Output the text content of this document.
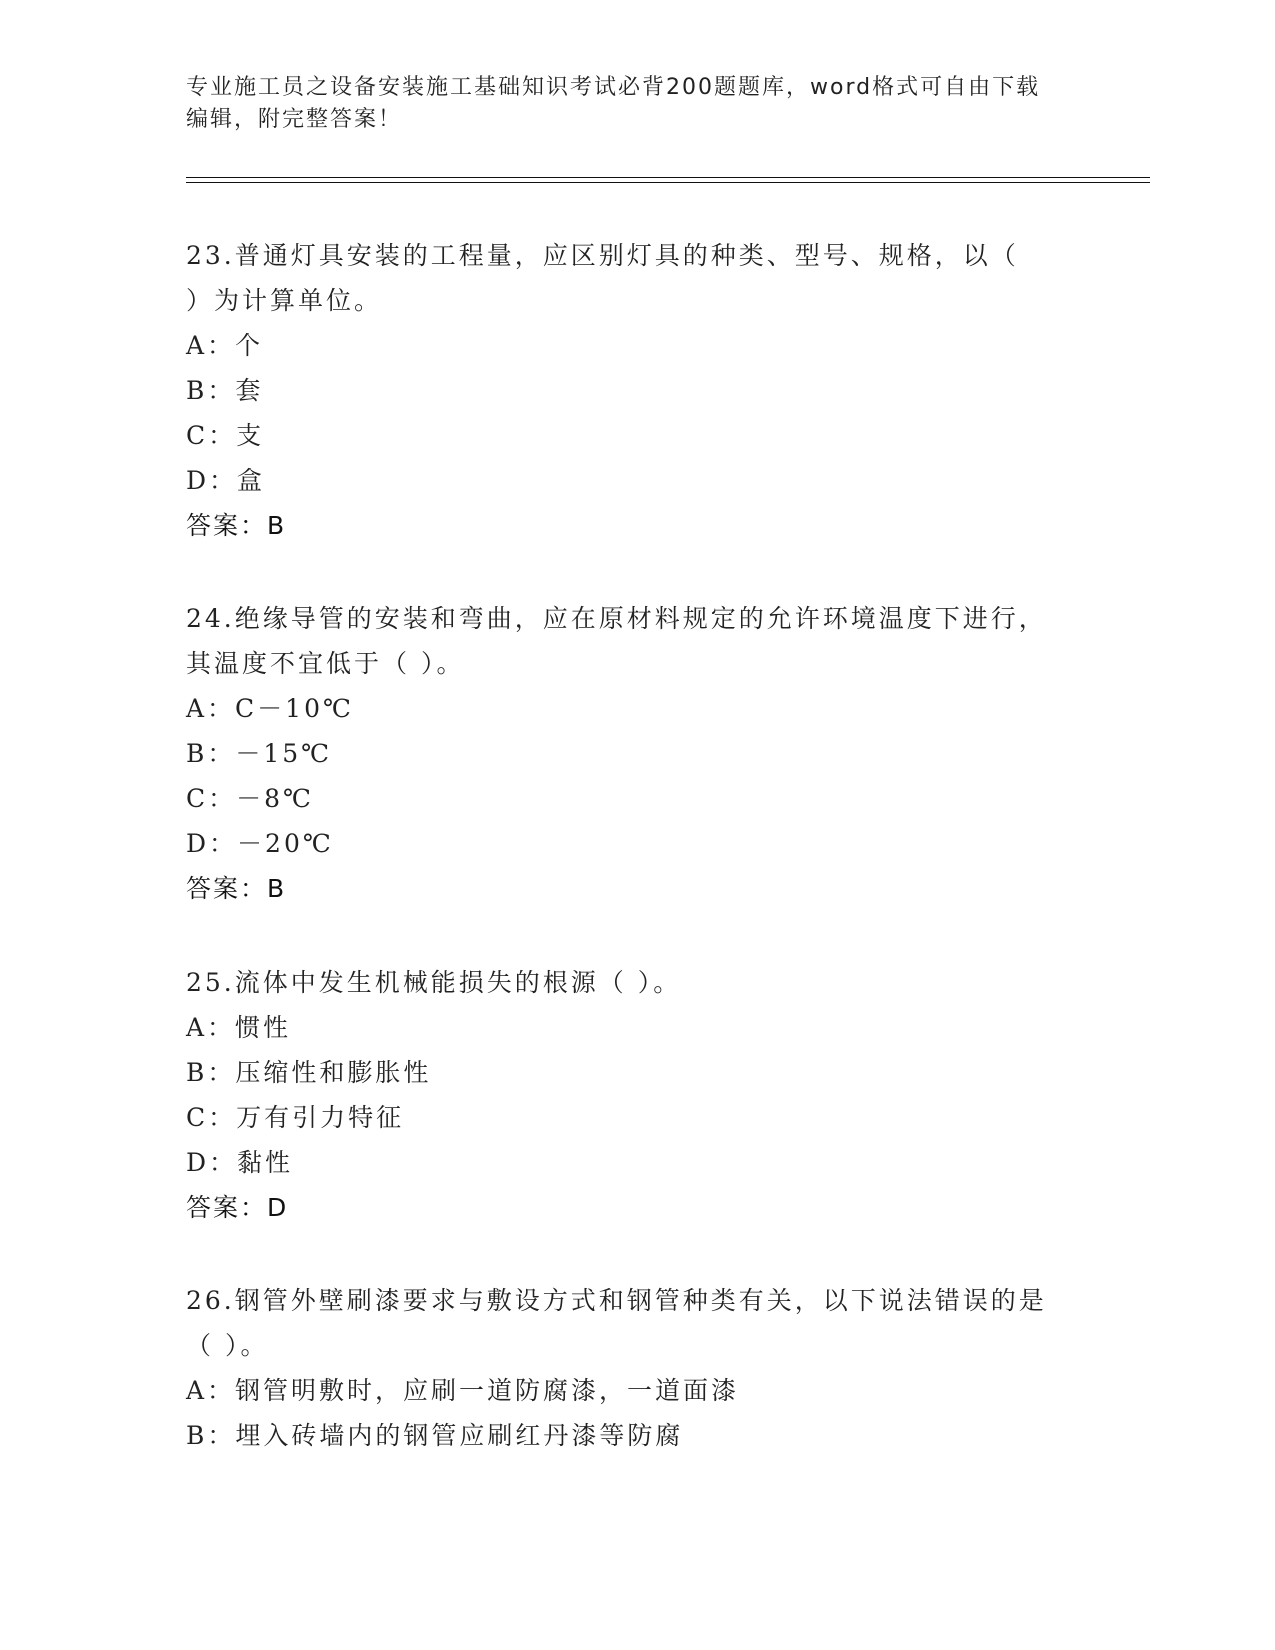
专业施工员之设备安装施工基础知识考试必背200题题库，word格式可自由下载
编辑，附完整答案！

23.普通灯具安装的工程量，应区别灯具的种类、型号、规格，以（

）为计算单位。

A：个

B：套

C：支

D：盒

答案：B

24.绝缘导管的安装和弯曲，应在原材料规定的允许环境温度下进行，

其温度不宜低于（ ）。

A：C－10℃

B：－15℃

C：－8℃

D：－20℃

答案：B

25.流体中发生机械能损失的根源（ ）。

A：惯性

B：压缩性和膨胀性

C：万有引力特征

D：黏性

答案：D

26.钢管外壁刷漆要求与敷设方式和钢管种类有关，以下说法错误的是

（ ）。

A：钢管明敷时，应刷一道防腐漆，一道面漆

B：埋入砖墙内的钢管应刷红丹漆等防腐
